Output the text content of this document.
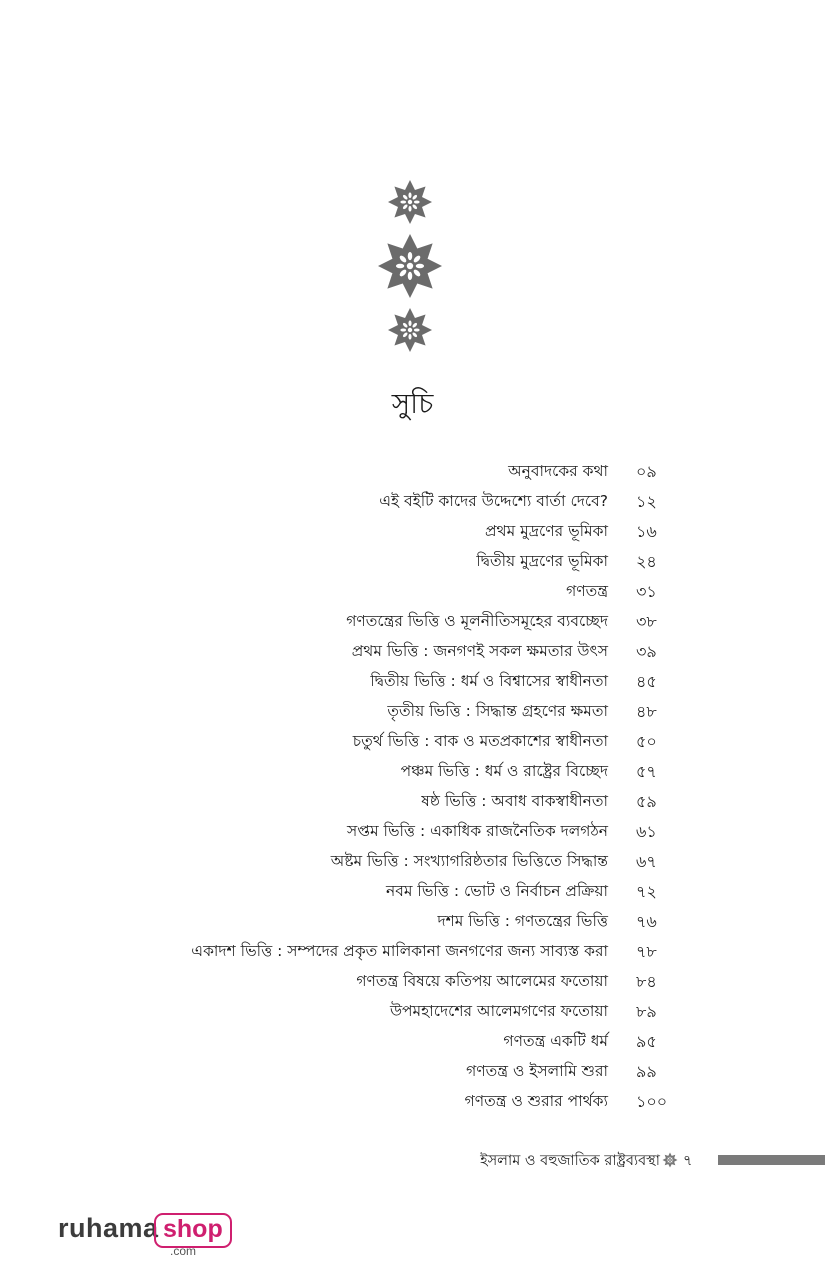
সুচি
অনুবাদকের কথা ০৯
এই বইটি কাদের উদ্দেশ্যে বার্তা দেবে? ১২
প্রথম মুদ্রণের ভূমিকা ১৬
দ্বিতীয় মুদ্রণের ভূমিকা ২৪
গণতন্ত্র ৩১
গণতন্ত্রের ভিত্তি ও মূলনীতিসমূহের ব্যবচ্ছেদ ৩৮
প্রথম ভিত্তি : জনগণই সকল ক্ষমতার উৎস ৩৯
দ্বিতীয় ভিত্তি : ধর্ম ও বিশ্বাসের স্বাধীনতা ৪৫
তৃতীয় ভিত্তি : সিদ্ধান্ত গ্রহণের ক্ষমতা ৪৮
চতুর্থ ভিত্তি : বাক ও মতপ্রকাশের স্বাধীনতা ৫০
পঞ্চম ভিত্তি : ধর্ম ও রাষ্ট্রের বিচ্ছেদ ৫৭
ষষ্ঠ ভিত্তি : অবাধ বাকস্বাধীনতা ৫৯
সপ্তম ভিত্তি : একাধিক রাজনৈতিক দলগঠন ৬১
অষ্টম ভিত্তি : সংখ্যাগরিষ্ঠতার ভিত্তিতে সিদ্ধান্ত ৬৭
নবম ভিত্তি : ভোট ও নির্বাচন প্রক্রিয়া ৭২
দশম ভিত্তি : গণতন্ত্রের ভিত্তি ৭৬
একাদশ ভিত্তি : সম্পদের প্রকৃত মালিকানা জনগণের জন্য সাব্যস্ত করা ৭৮
গণতন্ত্র বিষয়ে কতিপয় আলেমের ফতোয়া ৮৪
উপমহাদেশের আলেমগণের ফতোয়া ৮৯
গণতন্ত্র একটি ধর্ম ৯৫
গণতন্ত্র ও ইসলামি শুরা ৯৯
গণতন্ত্র ও শুরার পার্থক্য ১০০
ইসলাম ও বহুজাতিক রাষ্ট্রব্যবস্থা ৭
ruhama shop
.com
